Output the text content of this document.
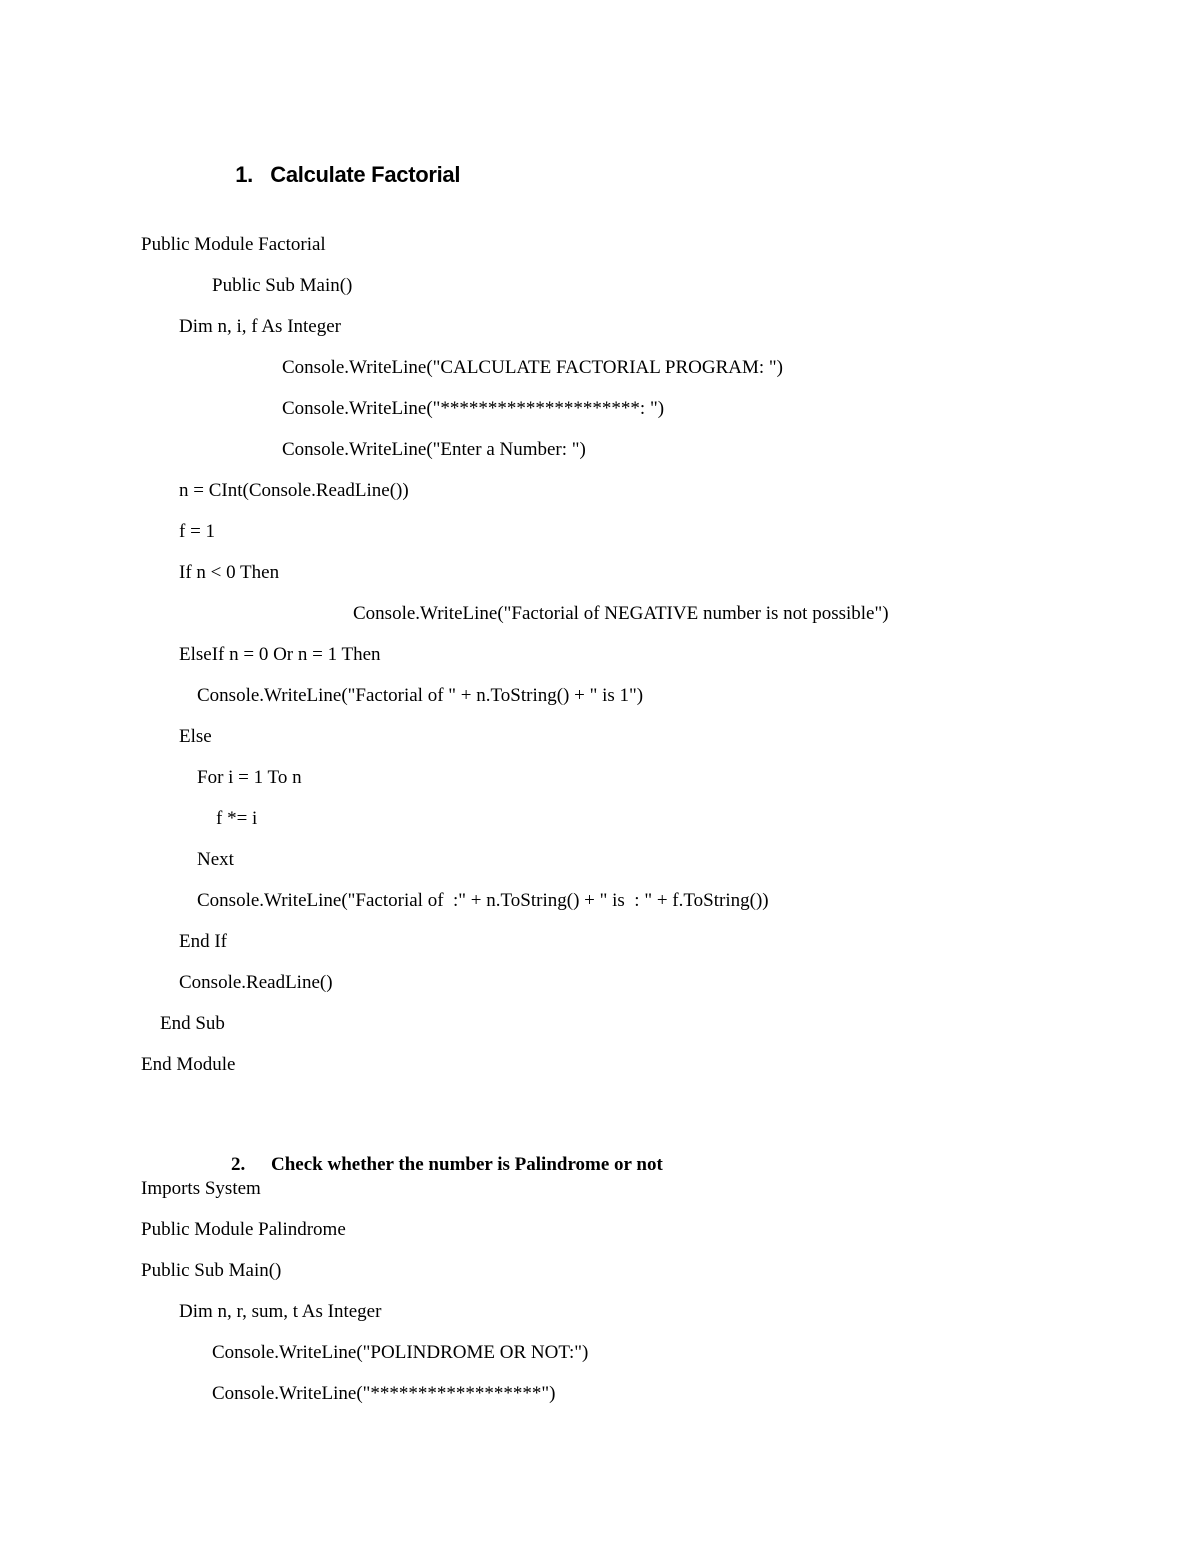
1. Calculate Factorial

Public Module Factorial
Public Sub Main()
Dim n, i, f As Integer
Console.WriteLine("CALCULATE FACTORIAL PROGRAM: ")
Console.WriteLine("*********************: ")
Console.WriteLine("Enter a Number: ")
n = CInt(Console.ReadLine())
f = 1
If n < 0 Then
Console.WriteLine("Factorial of NEGATIVE number is not possible")
ElseIf n = 0 Or n = 1 Then
Console.WriteLine("Factorial of " + n.ToString() + " is 1")
Else
For i = 1 To n
f *= i
Next
Console.WriteLine("Factorial of  :" + n.ToString() + " is  : " + f.ToString())
End If
Console.ReadLine()
End Sub
End Module

2. Check whether the number is Palindrome or not

Imports System
Public Module Palindrome
Public Sub Main()
Dim n, r, sum, t As Integer
Console.WriteLine("POLINDROME OR NOT:")
Console.WriteLine("******************")
